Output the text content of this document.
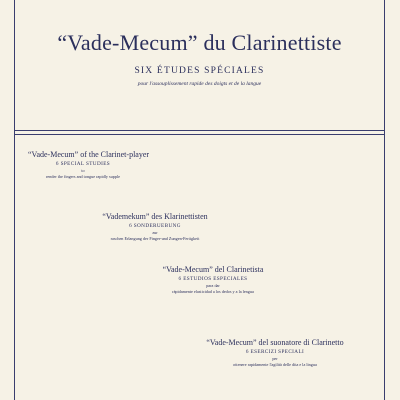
“Vade-Mecum” du Clarinettiste
SIX ÉTUDES SPÉCIALES
pour l'assouplissement rapide des doigts et de la langue
“Vade-Mecum” of the Clarinet-player
6 SPECIAL STUDIES
to
render the fingers and tongue rapidly supple
“Vademekum” des Klarinettisten
6 SONDERUEBUNG
zur
raschen Erlangung der Finger-und Zungen-Fertigkeit
“Vade-Mecum” del Clarinetista
6 ESTUDIOS ESPECIALES
para dar
rápidamente elasticidad a los dedos y a la lengua
“Vade-Mecum” del suonatore di Clarinetto
6 ESERCIZI SPECIALI
per
ottenere rapidamente l'agilità delle dita e la lingua
